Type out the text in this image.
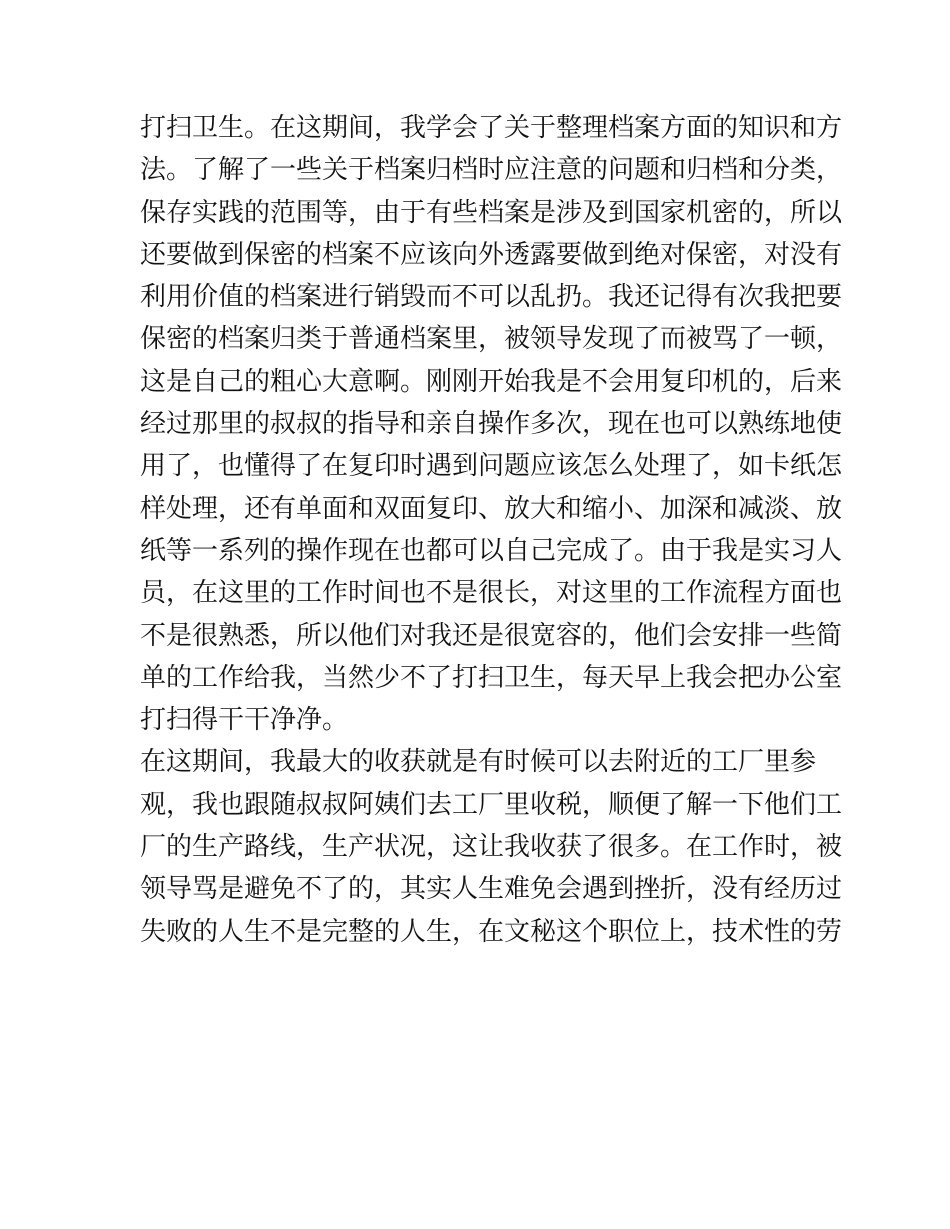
打扫卫生。在这期间，我学会了关于整理档案方面的知识和方
法。了解了一些关于档案归档时应注意的问题和归档和分类，
保存实践的范围等，由于有些档案是涉及到国家机密的，所以
还要做到保密的档案不应该向外透露要做到绝对保密，对没有
利用价值的档案进行销毁而不可以乱扔。我还记得有次我把要
保密的档案归类于普通档案里，被领导发现了而被骂了一顿，
这是自己的粗心大意啊。刚刚开始我是不会用复印机的，后来
经过那里的叔叔的指导和亲自操作多次，现在也可以熟练地使
用了，也懂得了在复印时遇到问题应该怎么处理了，如卡纸怎
样处理，还有单面和双面复印、放大和缩小、加深和减淡、放
纸等一系列的操作现在也都可以自己完成了。由于我是实习人
员，在这里的工作时间也不是很长，对这里的工作流程方面也
不是很熟悉，所以他们对我还是很宽容的，他们会安排一些简
单的工作给我，当然少不了打扫卫生，每天早上我会把办公室
打扫得干干净净。
在这期间，我最大的收获就是有时候可以去附近的工厂里参
观，我也跟随叔叔阿姨们去工厂里收税，顺便了解一下他们工
厂的生产路线，生产状况，这让我收获了很多。在工作时，被
领导骂是避免不了的，其实人生难免会遇到挫折，没有经历过
失败的人生不是完整的人生，在文秘这个职位上，技术性的劳
